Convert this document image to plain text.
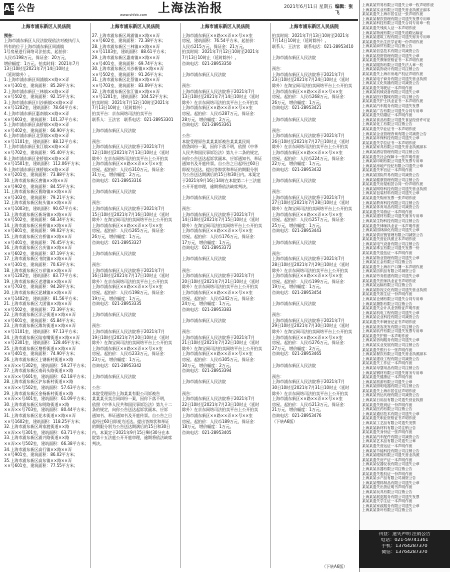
A5 公告	上海法治报
www.shfzb.com
2021年6月11日 星期五 编辑：张 飞
上海市浦东新区人民法院
预告：
上海市浦东新区人民法院现依法对被执行人
所有的位于上海市浦东新区周浦镇
1号房屋进行网络司法拍卖，起拍价：
人民币198万元，保证金：20万元，
增价幅度：1万元。拍卖时间：2021年7月
13日10时至2021年7月14日10时止
（延时除外）。
1.上海市浦东新区周浦镇××路××弄
××号301室，建筑面积：85.28平方米；
2.上海市浦东新区三林镇××路××弄
××号502室，建筑面积：92.15平方米；
3.上海市浦东新区川沙新镇××路××弄
××号1202室，建筑面积：78.64平方米；
4.上海市浦东新区惠南镇××路××弄
××号603室，建筑面积：101.37平方米；
5.上海市浦东新区高桥镇××路××弄
××号402室，建筑面积：66.90平方米；
6.上海市浦东新区北蔡镇××路××弄
××号1101室，建筑面积：88.12平方米；
7.上海市浦东新区张江镇××路××弄
××号702室，建筑面积：95.40平方米；
8.上海市浦东新区金桥镇××路××弄
××号1501室，建筑面积：112.06平方米；
9.上海市浦东新区康桥镇××路××弄
××号201室，建筑面积：73.88平方米；
10.上海市浦东新区唐镇××路××弄
××号902室，建筑面积：84.55平方米；
11.上海市浦东新区曹路镇××路××弄
××号303室，建筑面积：79.21平方米；
12.上海市浦东新区航头镇××路××弄
××号1003室，建筑面积：90.67平方米；
13.上海市浦东新区新场镇××路××弄
××号502室，建筑面积：68.34平方米；
14.上海市浦东新区祝桥镇××路××弄
××号801室，建筑面积：99.02平方米；
15.上海市浦东新区宣桥镇××路××弄
××号401室，建筑面积：76.45平方米；
16.上海市浦东新区合庆镇××路××弄
××号602室，建筑面积：87.19平方米；
17.上海市浦东新区书院镇××路××弄
××号301室，建筑面积：70.63平方米；
18.上海市浦东新区万祥镇××路××弄
××号1202室，建筑面积：83.77平方米；
19.上海市浦东新区老港镇××路××弄
××号703室，建筑面积：94.28平方米；
20.上海市浦东新区泥城镇××路××弄
××号1402室，建筑面积：81.56平方米；
21.上海市浦东新区大团镇××路××弄
××号502室，建筑面积：72.39平方米；
22.上海市浦东新区洋泾街道××路××弄
××号601室，建筑面积：65.84平方米；
23.上海市浦东新区潍坊街道××路××弄
××号1101室，建筑面积：97.13平方米；
24.上海市浦东新区陆家嘴街道××路××弄
××号2301室，建筑面积：128.46平方米；
25.上海市浦东新区塘桥街道××路××弄
××号401室，建筑面积：74.90平方米；
26.上海市浦东新区上钢新村街道××路
××弄××号302室，建筑面积：59.27平方米；
27.上海市浦东新区南码头路街道××路
××弄××号601室，建筑面积：62.18平方米；
28.上海市浦东新区沪东新村街道××路
××弄××号502室，建筑面积：57.63平方米；
29.上海市浦东新区金杨新村街道××路
××弄××号401室，建筑面积：61.09平方米；
30.上海市浦东新区东明路街道××路
××弄××号703室，建筑面积：80.44平方米；
31.上海市浦东新区花木街道××路××弄
××号1602室，建筑面积：118.25平方米；
32.上海市浦东新区周家渡街道××路
××弄××号301室，建筑面积：63.71平方米；
33.上海市浦东新区浦兴路街道××路
××弄××号502室，建筑面积：66.38平方米；
34.上海市浦东新区高行镇××路××弄
××号901室，建筑面积：86.02平方米；
35.上海市浦东新区高东镇××路××弄
××号601室，建筑面积：77.55平方米；
上海市浦东新区人民法院
27.上海市浦东新区周浦镇××路××弄
××号602室，建筑面积：72.38平方米；
28.上海市浦东新区三林镇××路××弄
××号1103室，建筑面积：88.61平方米；
29.上海市浦东新区惠南镇××路××弄
××号401室，建筑面积：69.74平方米；
30.上海市浦东新区川沙新镇××路××弄
××号502室，建筑面积：91.26平方米；
31.上海市浦东新区北蔡镇××路××弄
××号703室，建筑面积：83.09平方米；
32.上海市浦东新区张江镇××路××弄
××号1201室，建筑面积：104.52平方米；
拍卖时间：2021年7月12日10时至2021年
7月13日10时止（延时除外）。
拍卖平台：京东网络司法拍卖平台
联系人：王法官　联系电话：021-28953301

上海市浦东新区人民法院

预告：
上海市浦东新区人民法院将于2021年7月
12日10时至2021年7月13日10时止（延时
除外）在京东网络司法拍卖平台上公开拍卖
上海市浦东新区××路××弄××号××室
房屋。起拍价：人民币310万元，保证金：
31万元，增价幅度：2万元。
咨询电话：021-28953316

上海市浦东新区人民法院

预告：
上海市浦东新区人民法院将于2021年7月
15日10时至2021年7月16日10时止（延时
除外）在淘宝网司法拍卖网络平台上公开拍卖
上海市浦东新区××路××弄××号××室
房屋。起拍价：人民币265万元，保证金：
26万元，增价幅度：1万元。
咨询电话：021-28953327

上海市浦东新区人民法院

预告：
上海市浦东新区人民法院将于2021年7月
16日10时至2021年7月17日10时止（延时
除外）在京东网络司法拍卖平台上公开拍卖
上海市浦东新区××路××弄××号××室
房屋。起拍价：人民币198万元，保证金：
19万元，增价幅度：1万元。
咨询电话：021-28953335

上海市浦东新区人民法院

预告：
上海市浦东新区人民法院将于2021年7月
19日10时至2021年7月20日10时止（延时
除外）在淘宝网司法拍卖网络平台上公开拍卖
上海市浦东新区××路××弄××号××室
房屋。起拍价：人民币233万元，保证金：
23万元，增价幅度：1万元。
咨询电话：021-28953342

上海市浦东新区人民法院

公告：
本院受理原告上海某某有限公司诉被告
某某某买卖合同纠纷一案，因你下落不明，
依照《中华人民共和国民事诉讼法》第九十二
条的规定，向你公告送达起诉状副本、应诉
通知书、举证通知书及开庭传票。自公告之日
起经过60日即视为送达。提出答辩状和举证
的期限分别为公告送达期满后的15日和30日
内。本案定于2021年9月15日9时30分在本
院第十五法庭公开开庭审理，逾期将依法缺席
判决。
上海市浦东新区人民法院
上海市浦东新区××路××弄××号××室
房屋，建筑面积：76.54平方米，起拍价：
人民币215万元，保证金：21万元。
拍卖时间：2021年7月12日10时至2021年
7月13日10时止（延时除外）。
咨询电话：021-28953350

上海市浦东新区人民法院

预告：
上海市浦东新区人民法院将于2021年7月
13日10时至2021年7月14日10时止（延时
除外）在京东网络司法拍卖平台上公开拍卖
上海市浦东新区××路××弄××号××室
房屋。起拍价：人民币287万元，保证金：
28万元，增价幅度：2万元。
咨询电话：021-28953361

公告：
本院受理原告某某某诉被告某某某民间
借贷纠纷一案，因你下落不明，依照《中华
人民共和国民事诉讼法》第九十二条的规定，
向你公告送达起诉状副本、应诉通知书、举证
通知书及开庭传票。自公告之日起经过60日
即视为送达。提出答辩状和举证的期限分别
为公告送达期满后的15日和30日内。本案定
于2021年9月16日14时在本院第二十三法庭
公开开庭审理，逾期将依法缺席判决。

上海市浦东新区人民法院

预告：
上海市浦东新区人民法院将于2021年7月
14日10时至2021年7月15日10时止（延时
除外）在淘宝网司法拍卖网络平台上公开拍卖
上海市浦东新区××路××弄××号××室
房屋。起拍价：人民币176万元，保证金：
17万元，增价幅度：1万元。
咨询电话：021-28953372

上海市浦东新区人民法院

预告：
上海市浦东新区人民法院将于2021年7月
20日10时至2021年7月21日10时止（延时
除外）在京东网络司法拍卖平台上公开拍卖
上海市浦东新区××路××弄××号××室
房屋。起拍价：人民币242万元，保证金：
24万元，增价幅度：1万元。
咨询电话：021-28953383

上海市浦东新区人民法院

预告：
上海市浦东新区人民法院将于2021年7月
21日10时至2021年7月22日10时止（延时
除外）在淘宝网司法拍卖网络平台上公开拍卖
上海市浦东新区××路××弄××号××室
房屋。起拍价：人民币305万元，保证金：
30万元，增价幅度：2万元。
咨询电话：021-28953394

上海市浦东新区人民法院

预告：
上海市浦东新区人民法院将于2021年7月
22日10时至2021年7月23日10时止（延时
除外）在京东网络司法拍卖平台上公开拍卖
上海市浦东新区××路××弄××号××室
房屋。起拍价：人民币189万元，保证金：
18万元，增价幅度：1万元。
咨询电话：021-28953405
上海市浦东新区人民法院
拍卖时间：2021年7月13日10时至2021年
7月14日10时止（延时除外）。
联系人：王法官　联系电话：021-28953410

上海市浦东新区人民法院

预告：
上海市浦东新区人民法院将于2021年7月
23日10时至2021年7月24日10时止（延时
除外）在淘宝网司法拍卖网络平台上公开拍卖
上海市浦东新区××路××弄××号××室
房屋。起拍价：人民币268万元，保证金：
26万元，增价幅度：1万元。
咨询电话：021-28953421

上海市浦东新区人民法院

预告：
上海市浦东新区人民法院将于2021年7月
26日10时至2021年7月27日10时止（延时
除外）在京东网络司法拍卖平台上公开拍卖
上海市浦东新区××路××弄××号××室
房屋。起拍价：人民币224万元，保证金：
22万元，增价幅度：1万元。
咨询电话：021-28953432

上海市浦东新区人民法院

预告：
上海市浦东新区人民法院将于2021年7月
27日10时至2021年7月28日10时止（延时
除外）在淘宝网司法拍卖网络平台上公开拍卖
上海市浦东新区××路××弄××号××室
房屋。起拍价：人民币257万元，保证金：
25万元，增价幅度：1万元。
咨询电话：021-28953443

上海市浦东新区人民法院

预告：
上海市浦东新区人民法院将于2021年7月
28日10时至2021年7月29日10时止（延时
除外）在京东网络司法拍卖平台上公开拍卖
上海市浦东新区××路××弄××号××室
房屋。起拍价：人民币199万元，保证金：
19万元，增价幅度：1万元。
咨询电话：021-28953454

上海市浦东新区人民法院

预告：
上海市浦东新区人民法院将于2021年7月
29日10时至2021年7月30日10时止（延时
除外）在淘宝网司法拍卖网络平台上公开拍卖
上海市浦东新区××路××弄××号××室
房屋。起拍价：人民币276万元，保证金：
27万元，增价幅度：2万元。
咨询电话：021-28953465

上海市浦东新区人民法院

预告：
上海市浦东新区人民法院将于2021年7月
30日10时至2021年7月31日10时止（延时
除外）在京东网络司法拍卖平台上公开拍卖
上海市浦东新区××路××弄××号××室
房屋。起拍价：人民币213万元，保证金：
21万元，增价幅度：1万元。
咨询电话：021-28953476
（下转A6版）
上海某某贸易有限公司遗失公章一枚声明作废
上海某某实业有限公司遗失营业执照正副本
某某某遗失上海市居住证一张声明作废
上海某某餐饮管理有限公司遗失发票专用章
上海某某科技有限公司遗失合同专用章一枚
某某某遗失残疾人证一本声明作废
上海某某物流有限公司遗失道路运输证
上海某某建筑工程有限公司遗失财务专用章
某某某遗失出生医学证明一份声明作废
上海某某商贸有限公司注销公告
上海某某信息技术有限公司减资公告
上海某某投资管理有限公司遗失公章
某某某遗失教师资格证书一本声明作废
上海某某服饰有限公司遗失法人章一枚
上海某某装饰设计有限公司注销公告
某某某遗失上海市房地产权证声明作废
上海某某电子商务有限公司遗失营业执照
上海某某文化传播有限公司减资公告
某某某遗失驾驶证一本声明作废
上海某某机械设备有限公司遗失公章
上海某某医疗器械有限公司注销公告
某某某遗失护士执业证书一本声明作废
上海某某汽车服务有限公司遗失发票
上海某某广告有限公司遗失合同专用章
某某某遗失结婚证一本声明作废
上海某某食品有限公司遗失食品经营许可证
上海某某化工有限公司注销公告
某某某遗失毕业证书一本声明作废
上海某某企业管理咨询有限公司减资公告
上海某某环保科技有限公司遗失公章
某某某遗失学位证书一本声明作废
上海某某家具有限公司遗失营业执照副本
上海某某酒店管理有限公司注销公告
某某某遗失社会保障卡一张声明作废
上海某某印刷有限公司遗失发票专用章
上海某某房地产经纪有限公司遗失公章
某某某遗失军官证一本声明作废
上海某某国际贸易有限公司减资公告
上海某某健康管理有限公司注销公告
某某某遗失房屋租赁合同一份声明作废
上海某某网络科技有限公司遗失营业执照
上海某某包装材料有限公司遗失公章
某某某遗失购房发票一张声明作废
上海某某教育科技有限公司注销公告
上海某某体育用品有限公司减资公告
某某某遗失导游证一本声明作废
上海某某建材有限公司遗失财务专用章
上海某某生物科技有限公司注销公告
某某某遗失律师执业证一本声明作废
上海某某园林绿化有限公司遗失公章
上海某某供应链管理有限公司减资公告
某某某遗失营业执照正本声明作废
上海某某电气设备有限公司注销公告
上海某某珠宝有限公司遗失发票一份
某某某遗失退伍证一本声明作废
上海某某物业管理有限公司遗失公章
上海某某五金有限公司注销公告
某某某遗失上海市户口簿一本声明作废
上海某某纺织品有限公司减资公告
上海某某劳务派遣有限公司遗失公章
某某某遗失医师执业证书声明作废
上海某某运输有限公司注销公告
上海某某影视文化有限公司遗失营业执照
某某某遗失准生证一份声明作废
上海某某仓储有限公司遗失合同专用章
上海某某摄影有限公司注销公告
某某某遗失会计从业资格证声明作废
上海某某机电工程有限公司遗失公章
上海某某农业科技有限公司减资公告
某某某遗失车辆登记证书声明作废
上海某某美容美发有限公司注销公告
上海某某软件有限公司遗失发票专用章
某某某遗失护照一本声明作废
上海某某咨询服务有限公司遗失公章
上海某某实业发展有限公司注销公告
某某某遗失银行卡一张声明作废
上海某某餐饮有限公司遗失营业执照副本
上海某某建设工程有限公司减资公告
某某某遗失工作证一本声明作废
上海某某母婴用品有限公司注销公告
上海某某钢材有限公司遗失财务专用章
某某某遗失健康证一本声明作废
上海某某旅游有限公司遗失公章
上海某某照明电器有限公司注销公告
某某某遗失上海市居住证声明作废
上海某某货运代理有限公司减资公告
上海某某日用品有限公司遗失营业执照
某某某遗失报到证一份声明作废
上海某某医药有限公司注销公告
上海某某通信技术有限公司遗失公章
某某某遗失职业资格证书声明作废
上海某某工艺品有限公司遗失发票
上海某某新材料有限公司注销公告
某某某遗失身份证一张声明作废
上海某某汽车配件有限公司减资公告
上海某某艺术品有限公司遗失公章
某某某遗失营运证一本声明作废
上海某某节能科技有限公司注销公告
上海某某眼镜有限公司遗失营业执照
某某某遗失房产证一本声明作废
上海某某仪器仪表有限公司遗失公章
上海某某乐器有限公司注销公告
某某某遗失股权证一份声明作废
上海某某水产品有限公司减资公告
上海某某塑料制品有限公司遗失公章
某某某遗失出资证明书声明作废
上海某某玩具有限公司注销公告
上海某某展览服务有限公司遗失发票
某某某遗失学生证一本声明作废
上海某某家政服务有限公司遗失公章
上海某某茶叶有限公司注销公告
刊登：遗失声明 注销公告
电话：021-59741361
手机：13764287370
微信：13764287370
（下转A6版）
